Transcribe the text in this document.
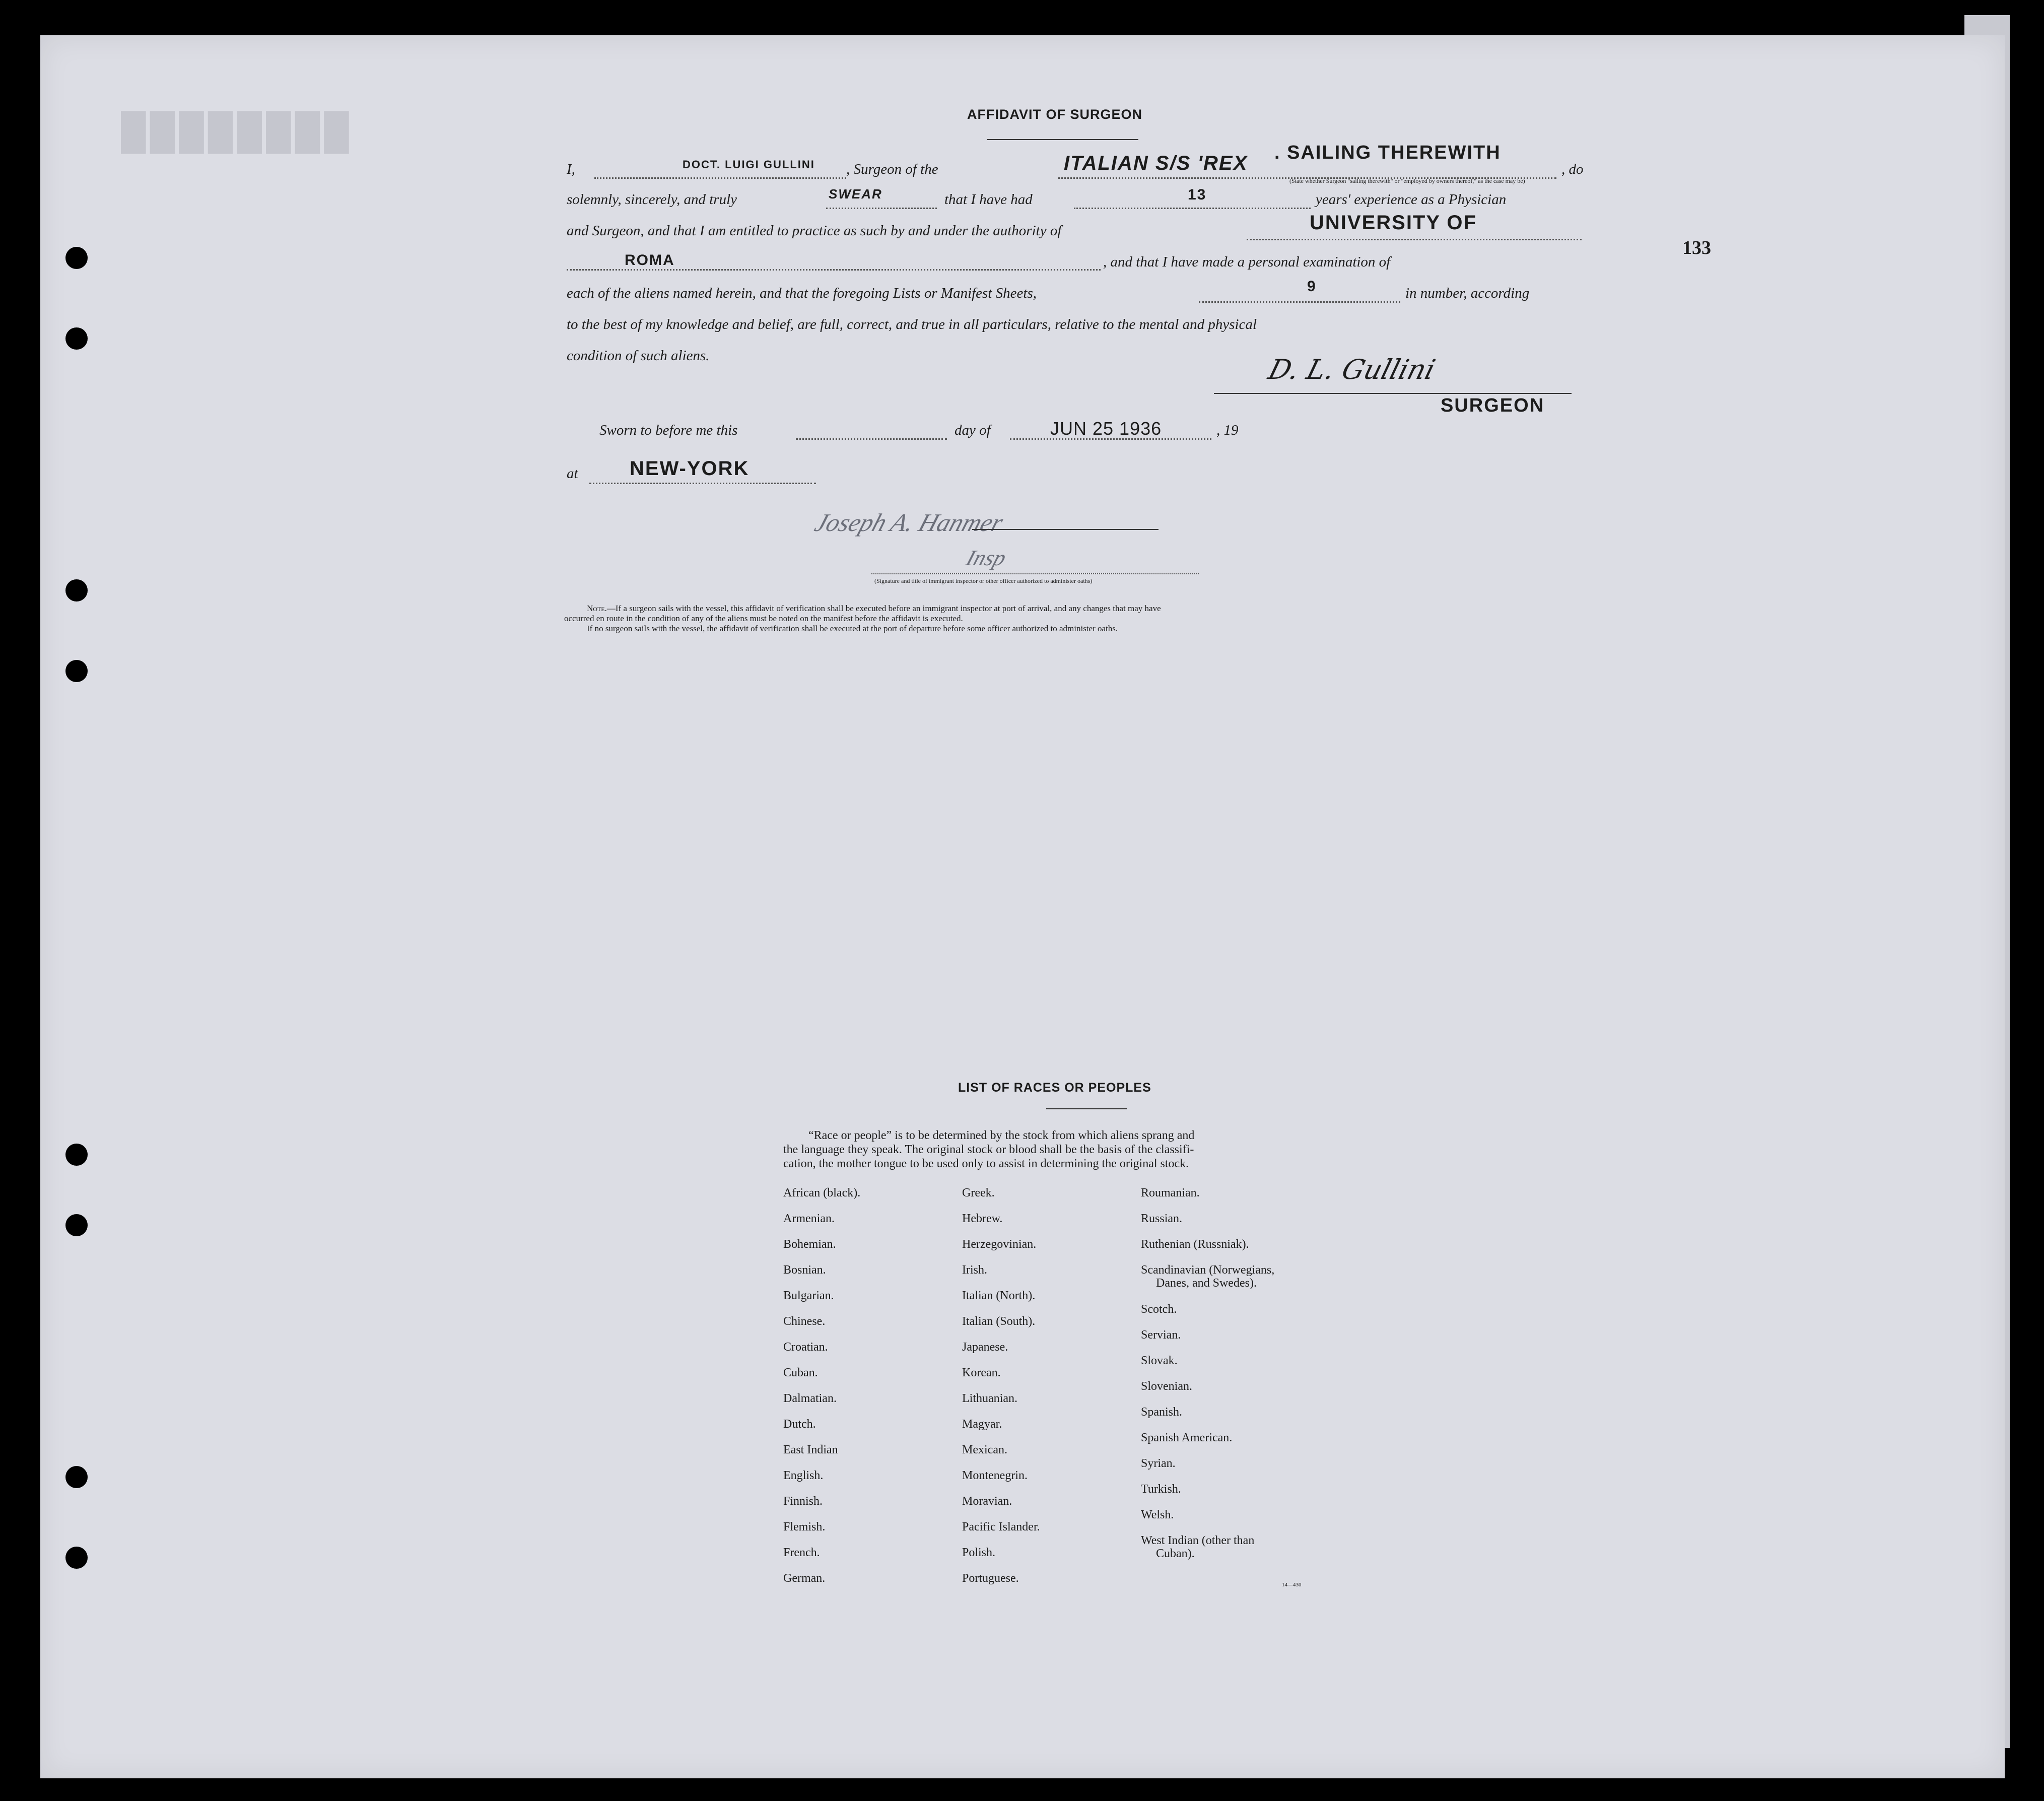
████████	AFFIDAVIT OF SURGEON
I,	DOCT. LUIGI GULLINI , Surgeon of the	ITALIAN S/S 'REX . SAILING THEREWITH
, do
(State whether Surgeon "sailing therewith" or "employed by owners thereof," as the case may be)
solemnly, sincerely, and truly	SWEAR	that I have had	13	years' experience as a Physician
and Surgeon, and that I am entitled to practice as such by and under the authority of	UNIVERSITY OF
133
ROMA	, and that I have made a personal examination of
each of the aliens named herein, and that the foregoing Lists or Manifest Sheets,	9	in number, according
to the best of my knowledge and belief, are full, correct, and true in all particulars, relative to the mental and physical
condition of such aliens.	D. L. Gullini
SURGEON
Sworn to before me this	day of	JUN 25 1936	, 19
at	NEW-YORK
Joseph A. Hanmer
Insp
(Signature and title of immigrant inspector or other officer authorized to administer oaths)
Note.—If a surgeon sails with the vessel, this affidavit of verification shall be executed before an immigrant inspector at port of arrival, and any changes that may have
occurred en route in the condition of any of the aliens must be noted on the manifest before the affidavit is executed.
If no surgeon sails with the vessel, the affidavit of verification shall be executed at the port of departure before some officer authorized to administer oaths.
LIST OF RACES OR PEOPLES
“Race or people” is to be determined by the stock from which aliens sprang and
the language they speak. The original stock or blood shall be the basis of the classifi-
cation, the mother tongue to be used only to assist in determining the original stock.
14—430
African (black).
Armenian.
Bohemian.
Bosnian.
Bulgarian.
Chinese.
Croatian.
Cuban.
Dalmatian.
Dutch.
East Indian
English.
Finnish.
Flemish.
French.
German.
Greek.
Hebrew.
Herzegovinian.
Irish.
Italian (North).
Italian (South).
Japanese.
Korean.
Lithuanian.
Magyar.
Mexican.
Montenegrin.
Moravian.
Pacific Islander.
Polish.
Portuguese.
Roumanian.
Russian.
Ruthenian (Russniak).
Scandinavian (Norwegians,
Danes, and Swedes).
Scotch.
Servian.
Slovak.
Slovenian.
Spanish.
Spanish American.
Syrian.
Turkish.
Welsh.
West Indian (other than
Cuban).
